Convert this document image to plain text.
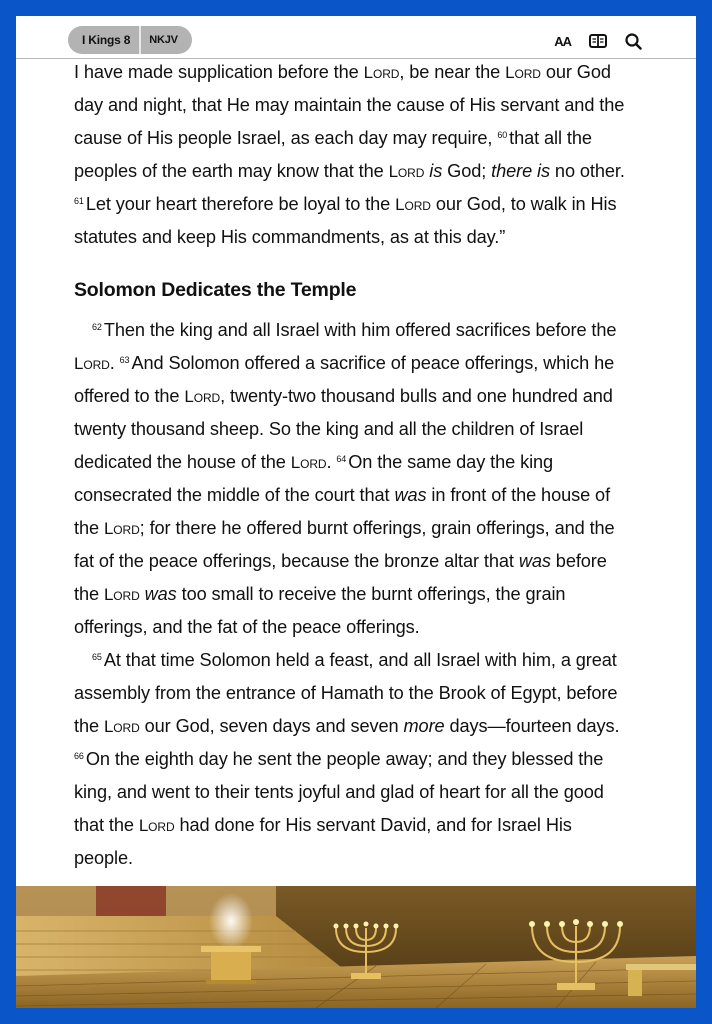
I Kings 8	NKJV	AA

I have made supplication before the Lord, be near the Lord our God
day and night, that He may maintain the cause of His servant and the
cause of His people Israel, as each day may require, $^{60}$ that all the
peoples of the earth may know that the Lord is God; there is no other.
$^{61}$ Let your heart therefore be loyal to the Lord our God, to walk in His
statutes and keep His commandments, as at this day.”

Solomon Dedicates the Temple

$^{62}$ Then the king and all Israel with him offered sacrifices before the
Lord. $^{63}$ And Solomon offered a sacrifice of peace offerings, which he
offered to the Lord, twenty-two thousand bulls and one hundred and
twenty thousand sheep. So the king and all the children of Israel
dedicated the house of the Lord. $^{64}$ On the same day the king
consecrated the middle of the court that was in front of the house of
the Lord; for there he offered burnt offerings, grain offerings, and the
fat of the peace offerings, because the bronze altar that was before
the Lord was too small to receive the burnt offerings, the grain
offerings, and the fat of the peace offerings.

$^{65}$ At that time Solomon held a feast, and all Israel with him, a great
assembly from the entrance of Hamath to the Brook of Egypt, before
the Lord our God, seven days and seven more days—fourteen days.
$^{66}$ On the eighth day he sent the people away; and they blessed the
king, and went to their tents joyful and glad of heart for all the good
that the Lord had done for His servant David, and for Israel His
people.
